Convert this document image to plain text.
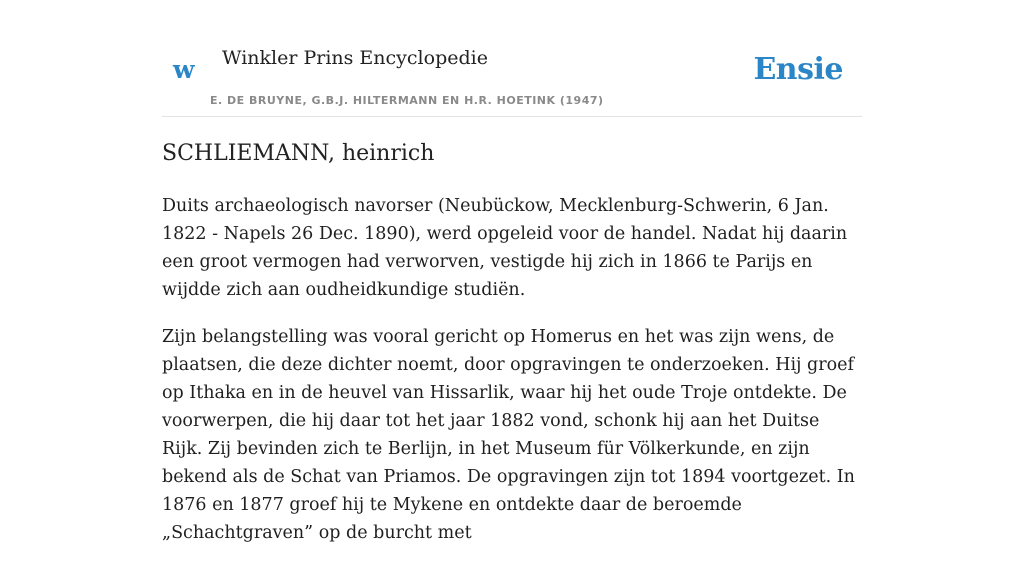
w Winkler Prins Encyclopedie
E. DE BRUYNE, G.B.J. HILTERMANN EN H.R. HOETINK (1947)
Ensie
SCHLIEMANN, heinrich

Duits archaeologisch navorser (Neubückow, Mecklenburg-Schwerin, 6 Jan. 1822 - Napels 26 Dec. 1890), werd opgeleid voor de handel. Nadat hij daarin een groot vermogen had verworven, vestigde hij zich in 1866 te Parijs en wijdde zich aan oudheidkundige studiën.

Zijn belangstelling was vooral gericht op Homerus en het was zijn wens, de plaatsen, die deze dichter noemt, door opgravingen te onderzoeken. Hij groef op Ithaka en in de heuvel van Hissarlik, waar hij het oude Troje ontdekte. De voorwerpen, die hij daar tot het jaar 1882 vond, schonk hij aan het Duitse Rijk. Zij bevinden zich te Berlijn, in het Museum für Völkerkunde, en zijn bekend als de Schat van Priamos. De opgravingen zijn tot 1894 voortgezet. In 1876 en 1877 groef hij te Mykene en ontdekte daar de beroemde „Schachtgraven” op de burcht met
